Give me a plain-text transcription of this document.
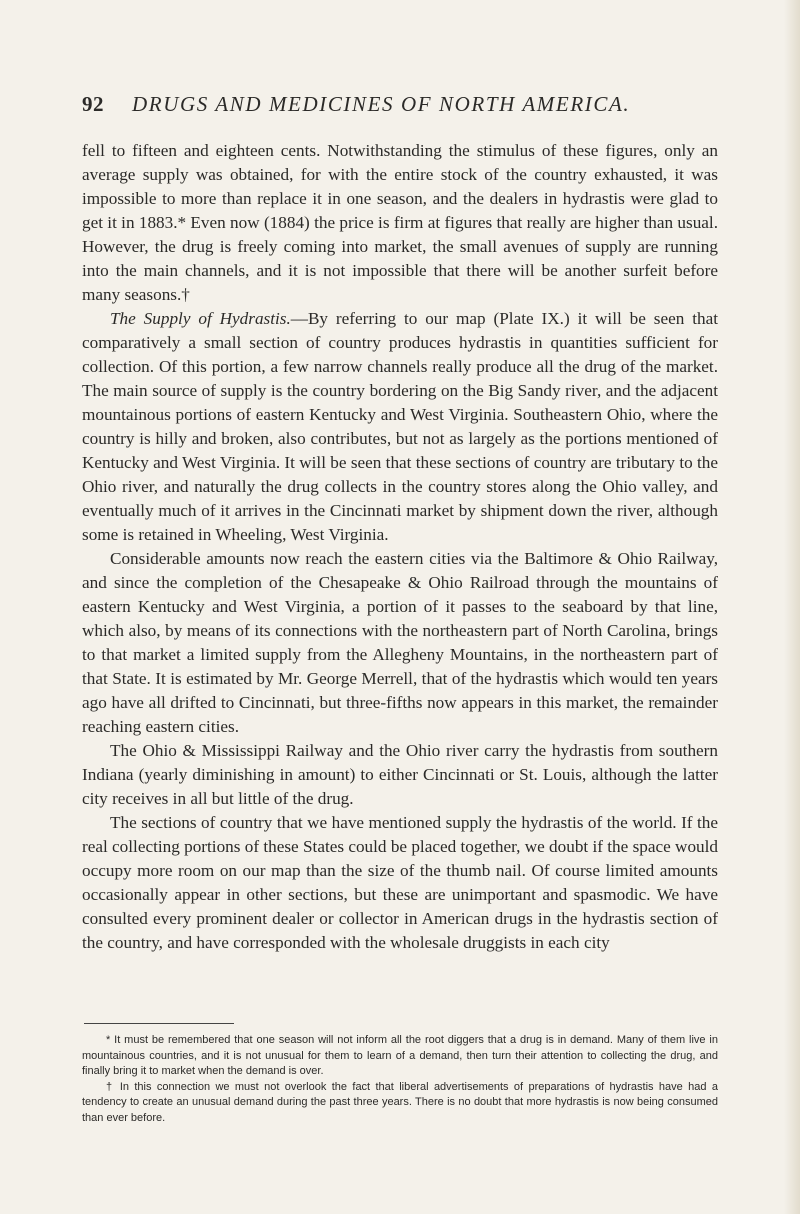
92 DRUGS AND MEDICINES OF NORTH AMERICA.

fell to fifteen and eighteen cents. Notwithstanding the stimulus of these figures, only an average supply was obtained, for with the entire stock of the country exhausted, it was impossible to more than replace it in one season, and the dealers in hydrastis were glad to get it in 1883.* Even now (1884) the price is firm at figures that really are higher than usual. However, the drug is freely coming into market, the small avenues of supply are running into the main channels, and it is not impossible that there will be another surfeit before many seasons.†

The Supply of Hydrastis.—By referring to our map (Plate IX.) it will be seen that comparatively a small section of country produces hydrastis in quantities sufficient for collection. Of this portion, a few narrow channels really produce all the drug of the market. The main source of supply is the country bordering on the Big Sandy river, and the adjacent mountainous portions of eastern Kentucky and West Virginia. Southeastern Ohio, where the country is hilly and broken, also contributes, but not as largely as the portions mentioned of Kentucky and West Virginia. It will be seen that these sections of country are tributary to the Ohio river, and naturally the drug collects in the country stores along the Ohio valley, and eventually much of it arrives in the Cincinnati market by shipment down the river, although some is retained in Wheeling, West Virginia.

Considerable amounts now reach the eastern cities via the Baltimore & Ohio Railway, and since the completion of the Chesapeake & Ohio Railroad through the mountains of eastern Kentucky and West Virginia, a portion of it passes to the seaboard by that line, which also, by means of its connections with the northeastern part of North Carolina, brings to that market a limited supply from the Allegheny Mountains, in the northeastern part of that State. It is estimated by Mr. George Merrell, that of the hydrastis which would ten years ago have all drifted to Cincinnati, but three-fifths now appears in this market, the remainder reaching eastern cities.

The Ohio & Mississippi Railway and the Ohio river carry the hydrastis from southern Indiana (yearly diminishing in amount) to either Cincinnati or St. Louis, although the latter city receives in all but little of the drug.

The sections of country that we have mentioned supply the hydrastis of the world. If the real collecting portions of these States could be placed together, we doubt if the space would occupy more room on our map than the size of the thumb nail. Of course limited amounts occasionally appear in other sections, but these are unimportant and spasmodic. We have consulted every prominent dealer or collector in American drugs in the hydrastis section of the country, and have corresponded with the wholesale druggists in each city

* It must be remembered that one season will not inform all the root diggers that a drug is in demand. Many of them live in mountainous countries, and it is not unusual for them to learn of a demand, then turn their attention to collecting the drug, and finally bring it to market when the demand is over.

† In this connection we must not overlook the fact that liberal advertisements of preparations of hydrastis have had a tendency to create an unusual demand during the past three years. There is no doubt that more hydrastis is now being consumed than ever before.
